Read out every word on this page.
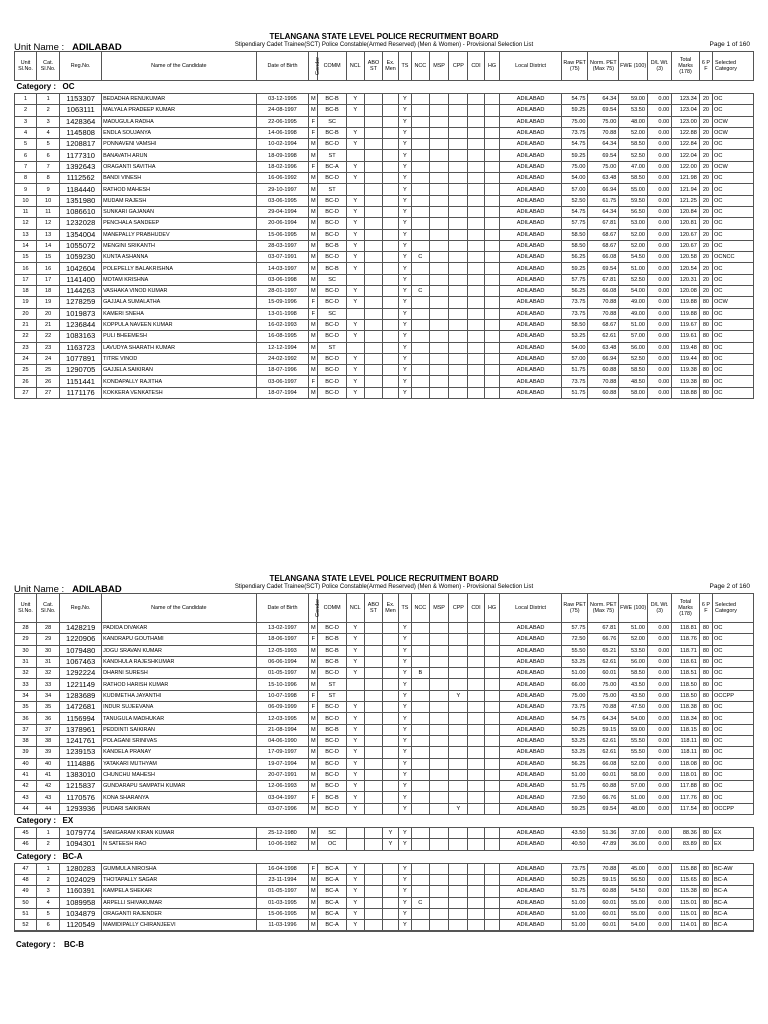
TELANGANA STATE LEVEL POLICE RECRUITMENT BOARD
Unit Name : ADILABAD	Stipendiary Cadet Trainee(SCT) Police Constable(Armed Reserved) (Men & Women) - Provisional Selection List	Page 1 of 160
Unit Sl.No.	Cat. Sl.No.	Reg.No.	Name of the Candidate	Date of Birth	Gender	COMM	NCL	ABO ST	Ex. Men	TS	NCC	MSP	CPP	CDI	HG	Local District	Raw PET (75)	Norm. PET (Max 75)	FWE (100)	D/L Wt. (3)	Total Marks (178)	6 P F	Selected Category
Category : OC																							
1	1	1153307	BEDADHA RENUKUMAR	03-12-1995	M	BC-B	Y			Y						ADILABAD	54.75	64.34	59.00	0.00	123.34	20	OC
2	2	1063111	MALYALA PRADEEP KUMAR	24-08-1997	M	BC-B	Y			Y						ADILABAD	59.25	69.54	53.50	0.00	123.04	20	OC
3	3	1428364	MADUGULA RADHA	22-06-1995	F	SC				Y						ADILABAD	75.00	75.00	48.00	0.00	123.00	20	OCW
4	4	1145808	ENDLA SOUJANYA	14-06-1998	F	BC-B	Y			Y						ADILABAD	73.75	70.88	52.00	0.00	122.88	20	OCW
5	5	1208817	PONNAVENI VAMSHI	10-02-1994	M	BC-D	Y			Y						ADILABAD	54.75	64.34	58.50	0.00	122.84	20	OC
6	6	1177310	BANAVATH ARUN	18-09-1998	M	ST				Y						ADILABAD	59.25	69.54	52.50	0.00	122.04	20	OC
7	7	1392643	ORAGANTI SAVITHA	18-02-1996	F	BC-A	Y			Y						ADILABAD	75.00	75.00	47.00	0.00	122.00	20	OCW
8	8	1112562	BANDI VINESH	16-06-1992	M	BC-D	Y			Y						ADILABAD	54.00	63.48	58.50	0.00	121.98	20	OC
9	9	1184440	RATHOD MAHESH	29-10-1997	M	ST				Y						ADILABAD	57.00	66.94	55.00	0.00	121.94	20	OC
10	10	1351980	MUDAM RAJESH	03-06-1995	M	BC-D	Y			Y						ADILABAD	52.50	61.75	59.50	0.00	121.25	20	OC
11	11	1086610	SUNKARI GAJANAN	29-04-1994	M	BC-D	Y			Y						ADILABAD	54.75	64.34	56.50	0.00	120.84	20	OC
12	12	1232028	PENCHALA SANDEEP	20-06-1994	M	BC-D	Y			Y						ADILABAD	57.75	67.81	53.00	0.00	120.81	20	OC
13	13	1354004	MANEPALLY PRABHUDEV	15-06-1995	M	BC-D	Y			Y						ADILABAD	58.50	68.67	52.00	0.00	120.67	20	OC
14	14	1055072	MENGINI SRIKANTH	28-03-1997	M	BC-B	Y			Y						ADILABAD	58.50	68.67	52.00	0.00	120.67	20	OC
15	15	1059230	KUNTA ASHANNA	03-07-1991	M	BC-D	Y			Y	C					ADILABAD	56.25	66.08	54.50	0.00	120.58	20	OCNCC
16	16	1042604	POLEPELLY BALAKRISHNA	14-03-1997	M	BC-B	Y			Y						ADILABAD	59.25	69.54	51.00	0.00	120.54	20	OC
17	17	1141400	MOTAM KRISHNA	03-06-1998	M	SC				Y						ADILABAD	57.75	67.81	52.50	0.00	120.31	20	OC
18	18	1144263	VASHAKA VINOD KUMAR	28-01-1997	M	BC-D	Y			Y	C					ADILABAD	56.25	66.08	54.00	0.00	120.08	20	OC
19	19	1278259	GAJJALA SUMALATHA	15-09-1996	F	BC-D	Y			Y						ADILABAD	73.75	70.88	49.00	0.00	119.88	80	OCW
20	20	1019873	KAMERI SNEHA	13-01-1998	F	SC				Y						ADILABAD	73.75	70.88	49.00	0.00	119.88	80	OC
21	21	1236844	KOPPULA NAVEEN KUMAR	16-02-1993	M	BC-D	Y			Y						ADILABAD	58.50	68.67	51.00	0.00	119.67	80	OC
22	22	1083163	PULI BHEEMESH	16-08-1995	M	BC-D	Y			Y						ADILABAD	53.25	62.61	57.00	0.00	119.61	80	OC
23	23	1163723	LAVUDYA SHARATH KUMAR	12-12-1994	M	ST				Y						ADILABAD	54.00	63.48	56.00	0.00	119.48	80	OC
24	24	1077891	TITRE VINOD	24-02-1992	M	BC-D	Y			Y						ADILABAD	57.00	66.94	52.50	0.00	119.44	80	OC
25	25	1290705	GAJJELA SAIKIRAN	18-07-1996	M	BC-D	Y			Y						ADILABAD	51.75	60.88	58.50	0.00	119.38	80	OC
26	26	1151441	KONDAPALLY RAJITHA	03-06-1997	F	BC-D	Y			Y						ADILABAD	73.75	70.88	48.50	0.00	119.38	80	OC
27	27	1171176	KOKKERA VENKATESH	18-07-1994	M	BC-D	Y			Y						ADILABAD	51.75	60.88	58.00	0.00	118.88	80	OC
TELANGANA STATE LEVEL POLICE RECRUITMENT BOARD
Unit Name : ADILABAD	Stipendiary Cadet Trainee(SCT) Police Constable(Armed Reserved) (Men & Women) - Provisional Selection List	Page 2 of 160
Unit Sl.No.	Cat. Sl.No.	Reg.No.	Name of the Candidate	Date of Birth	Gender	COMM	NCL	ABO ST	Ex. Men	TS	NCC	MSP	CPP	CDI	HG	Local District	Raw PET (75)	Norm. PET (Max 75)	FWE (100)	D/L Wt. (3)	Total Marks (178)	6 P F	Selected Category
28	28	1428219	PADIDA DIVAKAR	13-02-1997	M	BC-D	Y			Y						ADILABAD	57.75	67.81	51.00	0.00	118.81	80	OC
29	29	1220906	KANDRAPU GOUTHAMI	18-06-1997	F	BC-B	Y			Y						ADILABAD	72.50	66.76	52.00	0.00	118.76	80	OC
30	30	1079480	JOGU SRAVAN KUMAR	12-05-1993	M	BC-B	Y			Y						ADILABAD	55.50	65.21	53.50	0.00	118.71	80	OC
31	31	1067463	KANDHULA RAJESHKUMAR	06-06-1994	M	BC-B	Y			Y						ADILABAD	53.25	62.61	56.00	0.00	118.61	80	OC
32	32	1292224	DHARNI SURESH	01-05-1997	M	BC-D	Y			Y	B					ADILABAD	51.00	60.01	58.50	0.00	118.51	80	OC
33	33	1221149	RATHOD HARISH KUMAR	15-10-1996	M	ST				Y						ADILABAD	66.00	75.00	43.50	0.00	118.50	80	OC
34	34	1283689	KUDIMETHA JAYANTHI	10-07-1998	F	ST				Y			Y			ADILABAD	75.00	75.00	43.50	0.00	118.50	80	OCCPP
35	35	1472681	INDUR SUJEEVANA	06-09-1999	F	BC-D	Y			Y						ADILABAD	73.75	70.88	47.50	0.00	118.38	80	OC
36	36	1156994	TANUGULA MADHUKAR	12-03-1995	M	BC-D	Y			Y						ADILABAD	54.75	64.34	54.00	0.00	118.34	80	OC
37	37	1378961	PEDDINTI SAIKIRAN	21-08-1994	M	BC-B	Y			Y						ADILABAD	50.25	59.15	59.00	0.00	118.15	80	OC
38	38	1241761	POLAGANI SRINIVAS	04-06-1990	M	BC-D	Y			Y						ADILABAD	53.25	62.61	55.50	0.00	118.11	80	OC
39	39	1239153	KANDELA PRANAY	17-09-1997	M	BC-D	Y			Y						ADILABAD	53.25	62.61	55.50	0.00	118.11	80	OC
40	40	1114886	YATAKARI MUTHYAM	19-07-1994	M	BC-D	Y			Y						ADILABAD	56.25	66.08	52.00	0.00	118.08	80	OC
41	41	1383010	CHUNCHU MAHESH	20-07-1991	M	BC-D	Y			Y						ADILABAD	51.00	60.01	58.00	0.00	118.01	80	OC
42	42	1215837	GUNDARAPU SAMPATH KUMAR	12-06-1993	M	BC-D	Y			Y						ADILABAD	51.75	60.88	57.00	0.00	117.88	80	OC
43	43	1170576	KONA SHARANYA	03-04-1997	F	BC-B	Y			Y						ADILABAD	72.50	66.76	51.00	0.00	117.76	80	OC
44	44	1293936	PUDARI SAIKIRAN	03-07-1996	M	BC-D	Y			Y			Y			ADILABAD	59.25	69.54	48.00	0.00	117.54	80	OCCPP
Category : EX																							
45	1	1079774	SANIGARAM KIRAN KUMAR	25-12-1980	M	SC			Y	Y						ADILABAD	43.50	51.36	37.00	0.00	88.36	80	EX
46	2	1094301	N SATEESH RAO	10-06-1982	M	OC			Y	Y						ADILABAD	40.50	47.89	36.00	0.00	83.89	80	EX
Category : BC-A																							
47	1	1280283	GUMMULA NIROSHA	16-04-1998	F	BC-A	Y			Y						ADILABAD	73.75	70.88	45.00	0.00	115.88	80	BC-AW
48	2	1024029	THOTAPALLY SAGAR	23-11-1994	M	BC-A	Y			Y						ADILABAD	50.25	59.15	56.50	0.00	115.65	80	BC-A
49	3	1160391	KAMPELA SHEKAR	01-05-1997	M	BC-A	Y			Y						ADILABAD	51.75	60.88	54.50	0.00	115.38	80	BC-A
50	4	1089958	ARPELLI SHIVAKUMAR	01-03-1995	M	BC-A	Y			Y	C					ADILABAD	51.00	60.01	55.00	0.00	115.01	80	BC-A
51	5	1034879	ORAGANTI RAJENDER	15-06-1995	M	BC-A	Y			Y						ADILABAD	51.00	60.01	55.00	0.00	115.01	80	BC-A
52	6	1120549	MAMIDIPALLY CHIRANJEEVI	11-03-1996	M	BC-A	Y			Y						ADILABAD	51.00	60.01	54.00	0.00	114.01	80	BC-A
Category : BC-B
